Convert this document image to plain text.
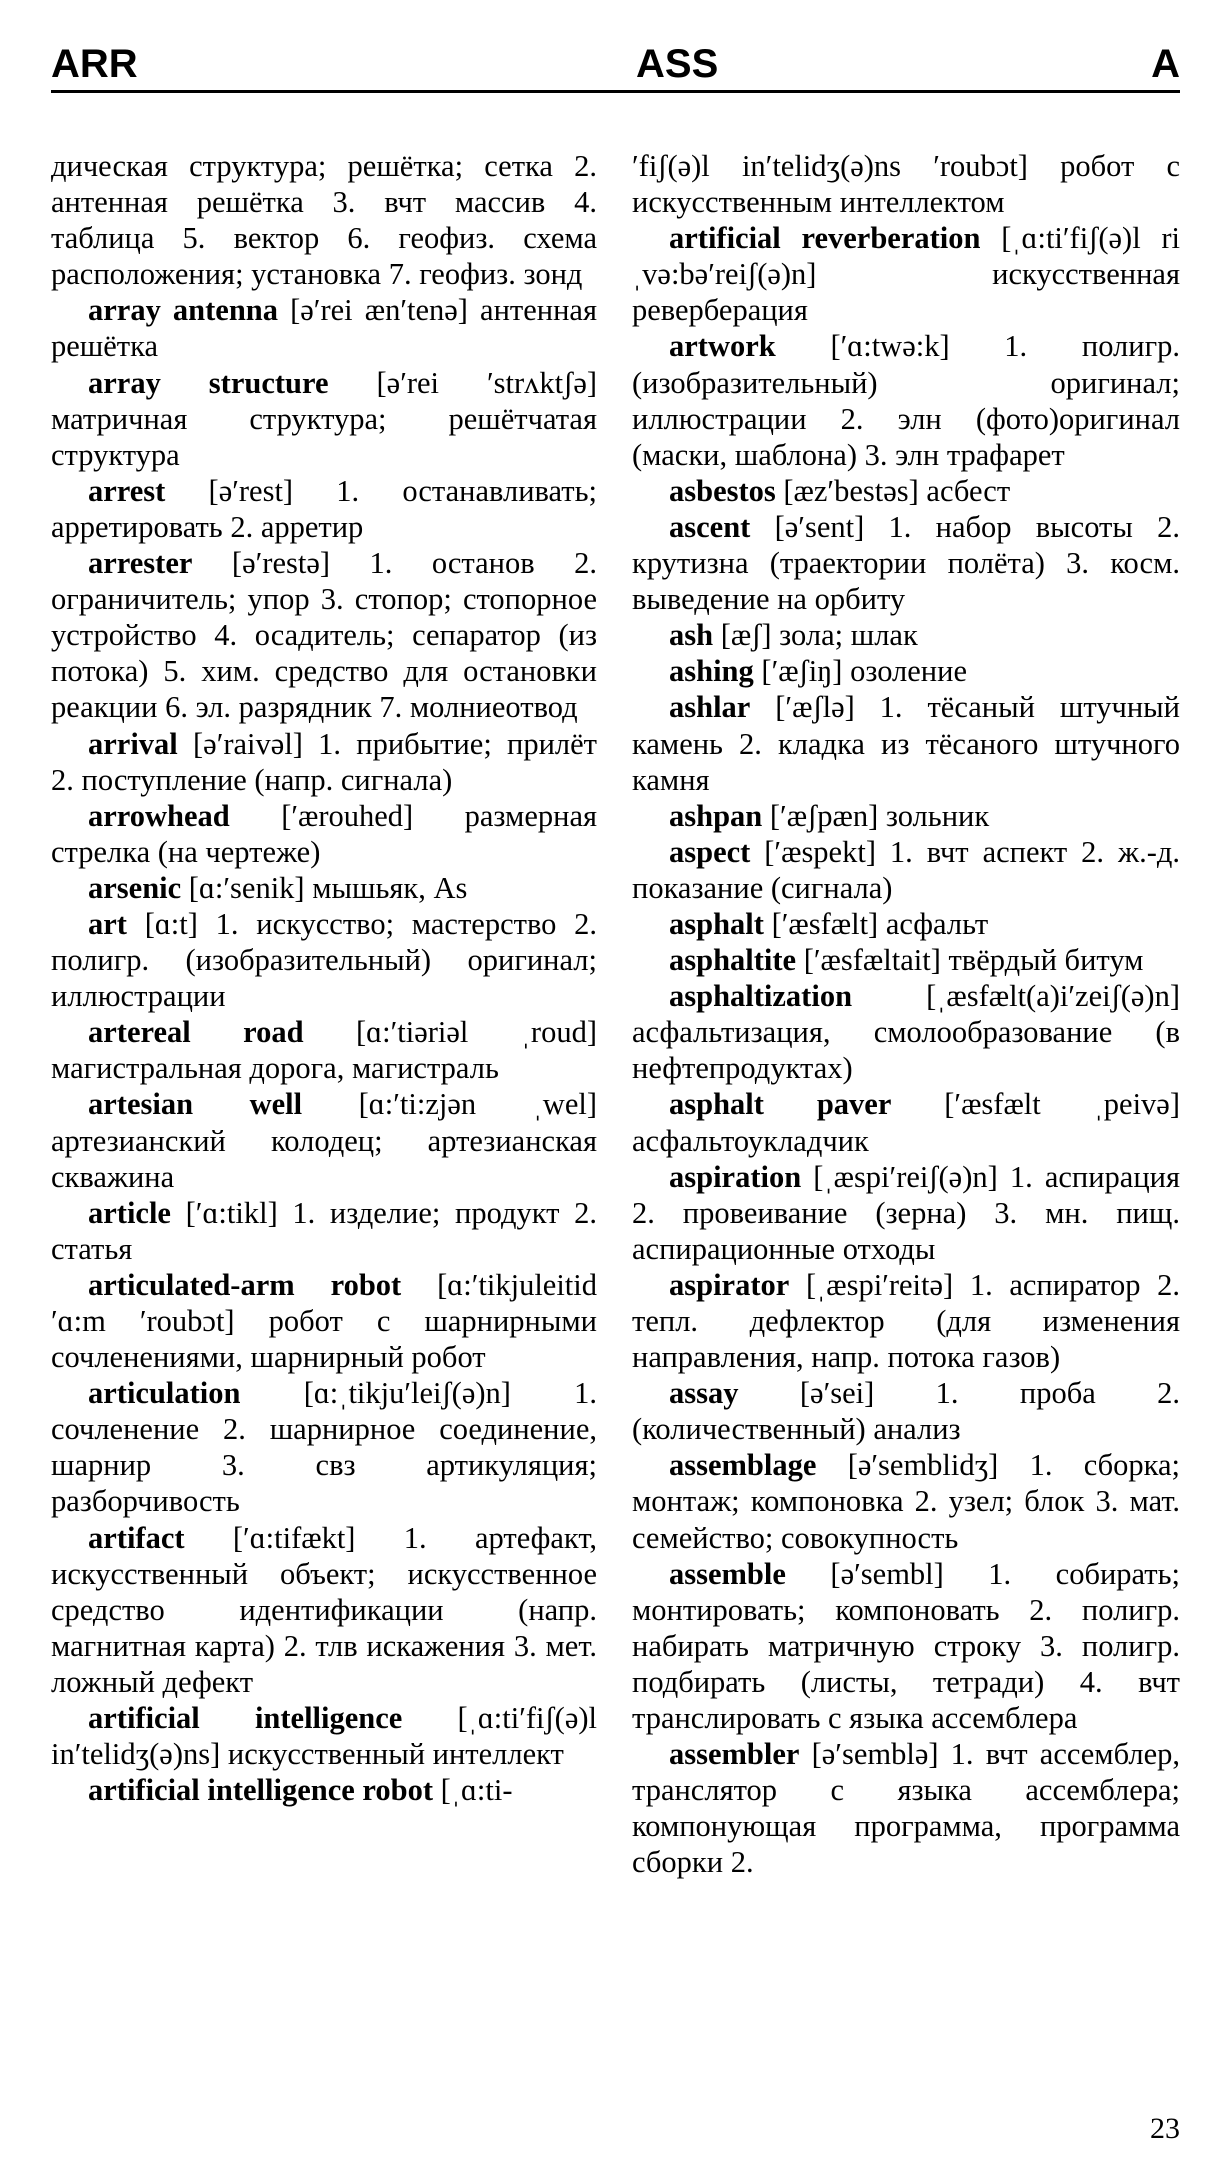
ARR	ASS	A

дическая структура; решётка; сетка 2. антенная решётка 3. вчт массив 4. таблица 5. вектор 6. геофиз. схема расположения; установка 7. геофиз. зонд

array antenna [ə′rei æn′tenə] антенная решётка

array structure [ə′rei ′strʌktʃə] матричная структура; решётчатая структура

arrest [ə′rest] 1. останавливать; арретировать 2. арретир

arrester [ə′restə] 1. останов 2. ограничитель; упор 3. стопор; стопорное устройство 4. осадитель; сепаратор (из потока) 5. хим. средство для остановки реакции 6. эл. разрядник 7. молниеотвод

arrival [ə′raivəl] 1. прибытие; прилёт 2. поступление (напр. сигнала)

arrowhead [′ærouhed] размерная стрелка (на чертеже)

arsenic [ɑ:′senik] мышьяк, As

art [ɑ:t] 1. искусство; мастерство 2. полигр. (изобразительный) оригинал; иллюстрации

artereal road [ɑ:′tiəriəl ˌroud] магистральная дорога, магистраль

artesian well [ɑ:′ti:zjən ˌwel] артезианский колодец; артезианская скважина

article [′ɑ:tikl] 1. изделие; продукт 2. статья

articulated-arm robot [ɑ:′tikjuleitid ′ɑ:m ′roubɔt] робот с шарнирными сочленениями, шарнирный робот

articulation [ɑ:ˌtikju′leiʃ(ə)n] 1. сочленение 2. шарнирное соединение, шарнир 3. свз артикуляция; разборчивость

artifact [′ɑ:tifækt] 1. артефакт, искусственный объект; искусственное средство идентификации (напр. магнитная карта) 2. тлв искажения 3. мет. ложный дефект

artificial intelligence [ˌɑ:ti′fiʃ(ə)l in′telidʒ(ə)ns] искусственный интеллект

artificial intelligence robot [ˌɑ:ti-

′fiʃ(ə)l in′telidʒ(ə)ns ′roubɔt] робот с искусственным интеллектом

artificial reverberation [ˌɑ:ti′fiʃ(ə)l riˌvə:bə′reiʃ(ə)n] искусственная реверберация

artwork [′ɑ:twə:k] 1. полигр. (изобразительный) оригинал; иллюстрации 2. элн (фото)оригинал (маски, шаблона) 3. элн трафарет

asbestos [æz′bestəs] асбест

ascent [ə′sent] 1. набор высоты 2. крутизна (траектории полёта) 3. косм. выведение на орбиту

ash [æʃ] зола; шлак

ashing [′æʃiŋ] озоление

ashlar [′æʃlə] 1. тёсаный штучный камень 2. кладка из тёсаного штучного камня

ashpan [′æʃpæn] зольник

aspect [′æspekt] 1. вчт аспект 2. ж.-д. показание (сигнала)

asphalt [′æsfælt] асфальт

asphaltite [′æsfæltait] твёрдый битум

asphaltization [ˌæsfælt(a)i′zeiʃ(ə)n] асфальтизация, смолообразование (в нефтепродуктах)

asphalt paver [′æsfælt ˌpeivə] асфальтоукладчик

aspiration [ˌæspi′reiʃ(ə)n] 1. аспирация 2. провеивание (зерна) 3. мн. пищ. аспирационные отходы

aspirator [ˌæspi′reitə] 1. аспиратор 2. тепл. дефлектор (для изменения направления, напр. потока газов)

assay [ə′sei] 1. проба 2. (количественный) анализ

assemblage [ə′semblidʒ] 1. сборка; монтаж; компоновка 2. узел; блок 3. мат. семейство; совокупность

assemble [ə′sembl] 1. собирать; монтировать; компоновать 2. полигр. набирать матричную строку 3. полигр. подбирать (листы, тетради) 4. вчт транслировать с языка ассемблера

assembler [ə′semblə] 1. вчт ассемблер, транслятор с языка ассемблера; компонующая программа, программа сборки 2.

23
